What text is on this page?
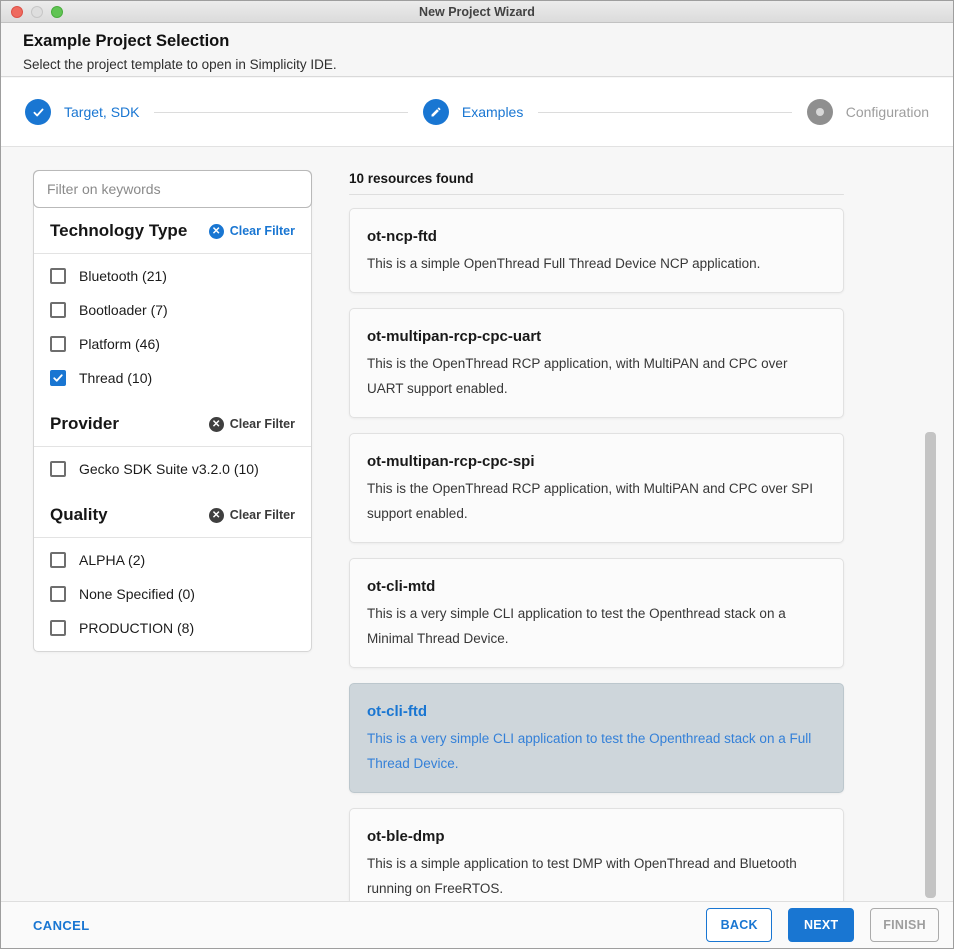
New Project Wizard
Example Project Selection
Select the project template to open in Simplicity IDE.
Target, SDK	Examples	Configuration
Filter on keywords
Technology Type	✕ Clear Filter
Bluetooth (21)
Bootloader (7)
Platform (46)
Thread (10)
Provider	✕ Clear Filter
Gecko SDK Suite v3.2.0 (10)
Quality	✕ Clear Filter
ALPHA (2)
None Specified (0)
PRODUCTION (8)
10 resources found
ot-ncp-ftd
This is a simple OpenThread Full Thread Device NCP application.
ot-multipan-rcp-cpc-uart
This is the OpenThread RCP application, with MultiPAN and CPC over UART support enabled.
ot-multipan-rcp-cpc-spi
This is the OpenThread RCP application, with MultiPAN and CPC over SPI support enabled.
ot-cli-mtd
This is a very simple CLI application to test the Openthread stack on a Minimal Thread Device.
ot-cli-ftd
This is a very simple CLI application to test the Openthread stack on a Full Thread Device.
ot-ble-dmp
This is a simple application to test DMP with OpenThread and Bluetooth running on FreeRTOS.
CANCEL	BACK	NEXT	FINISH
